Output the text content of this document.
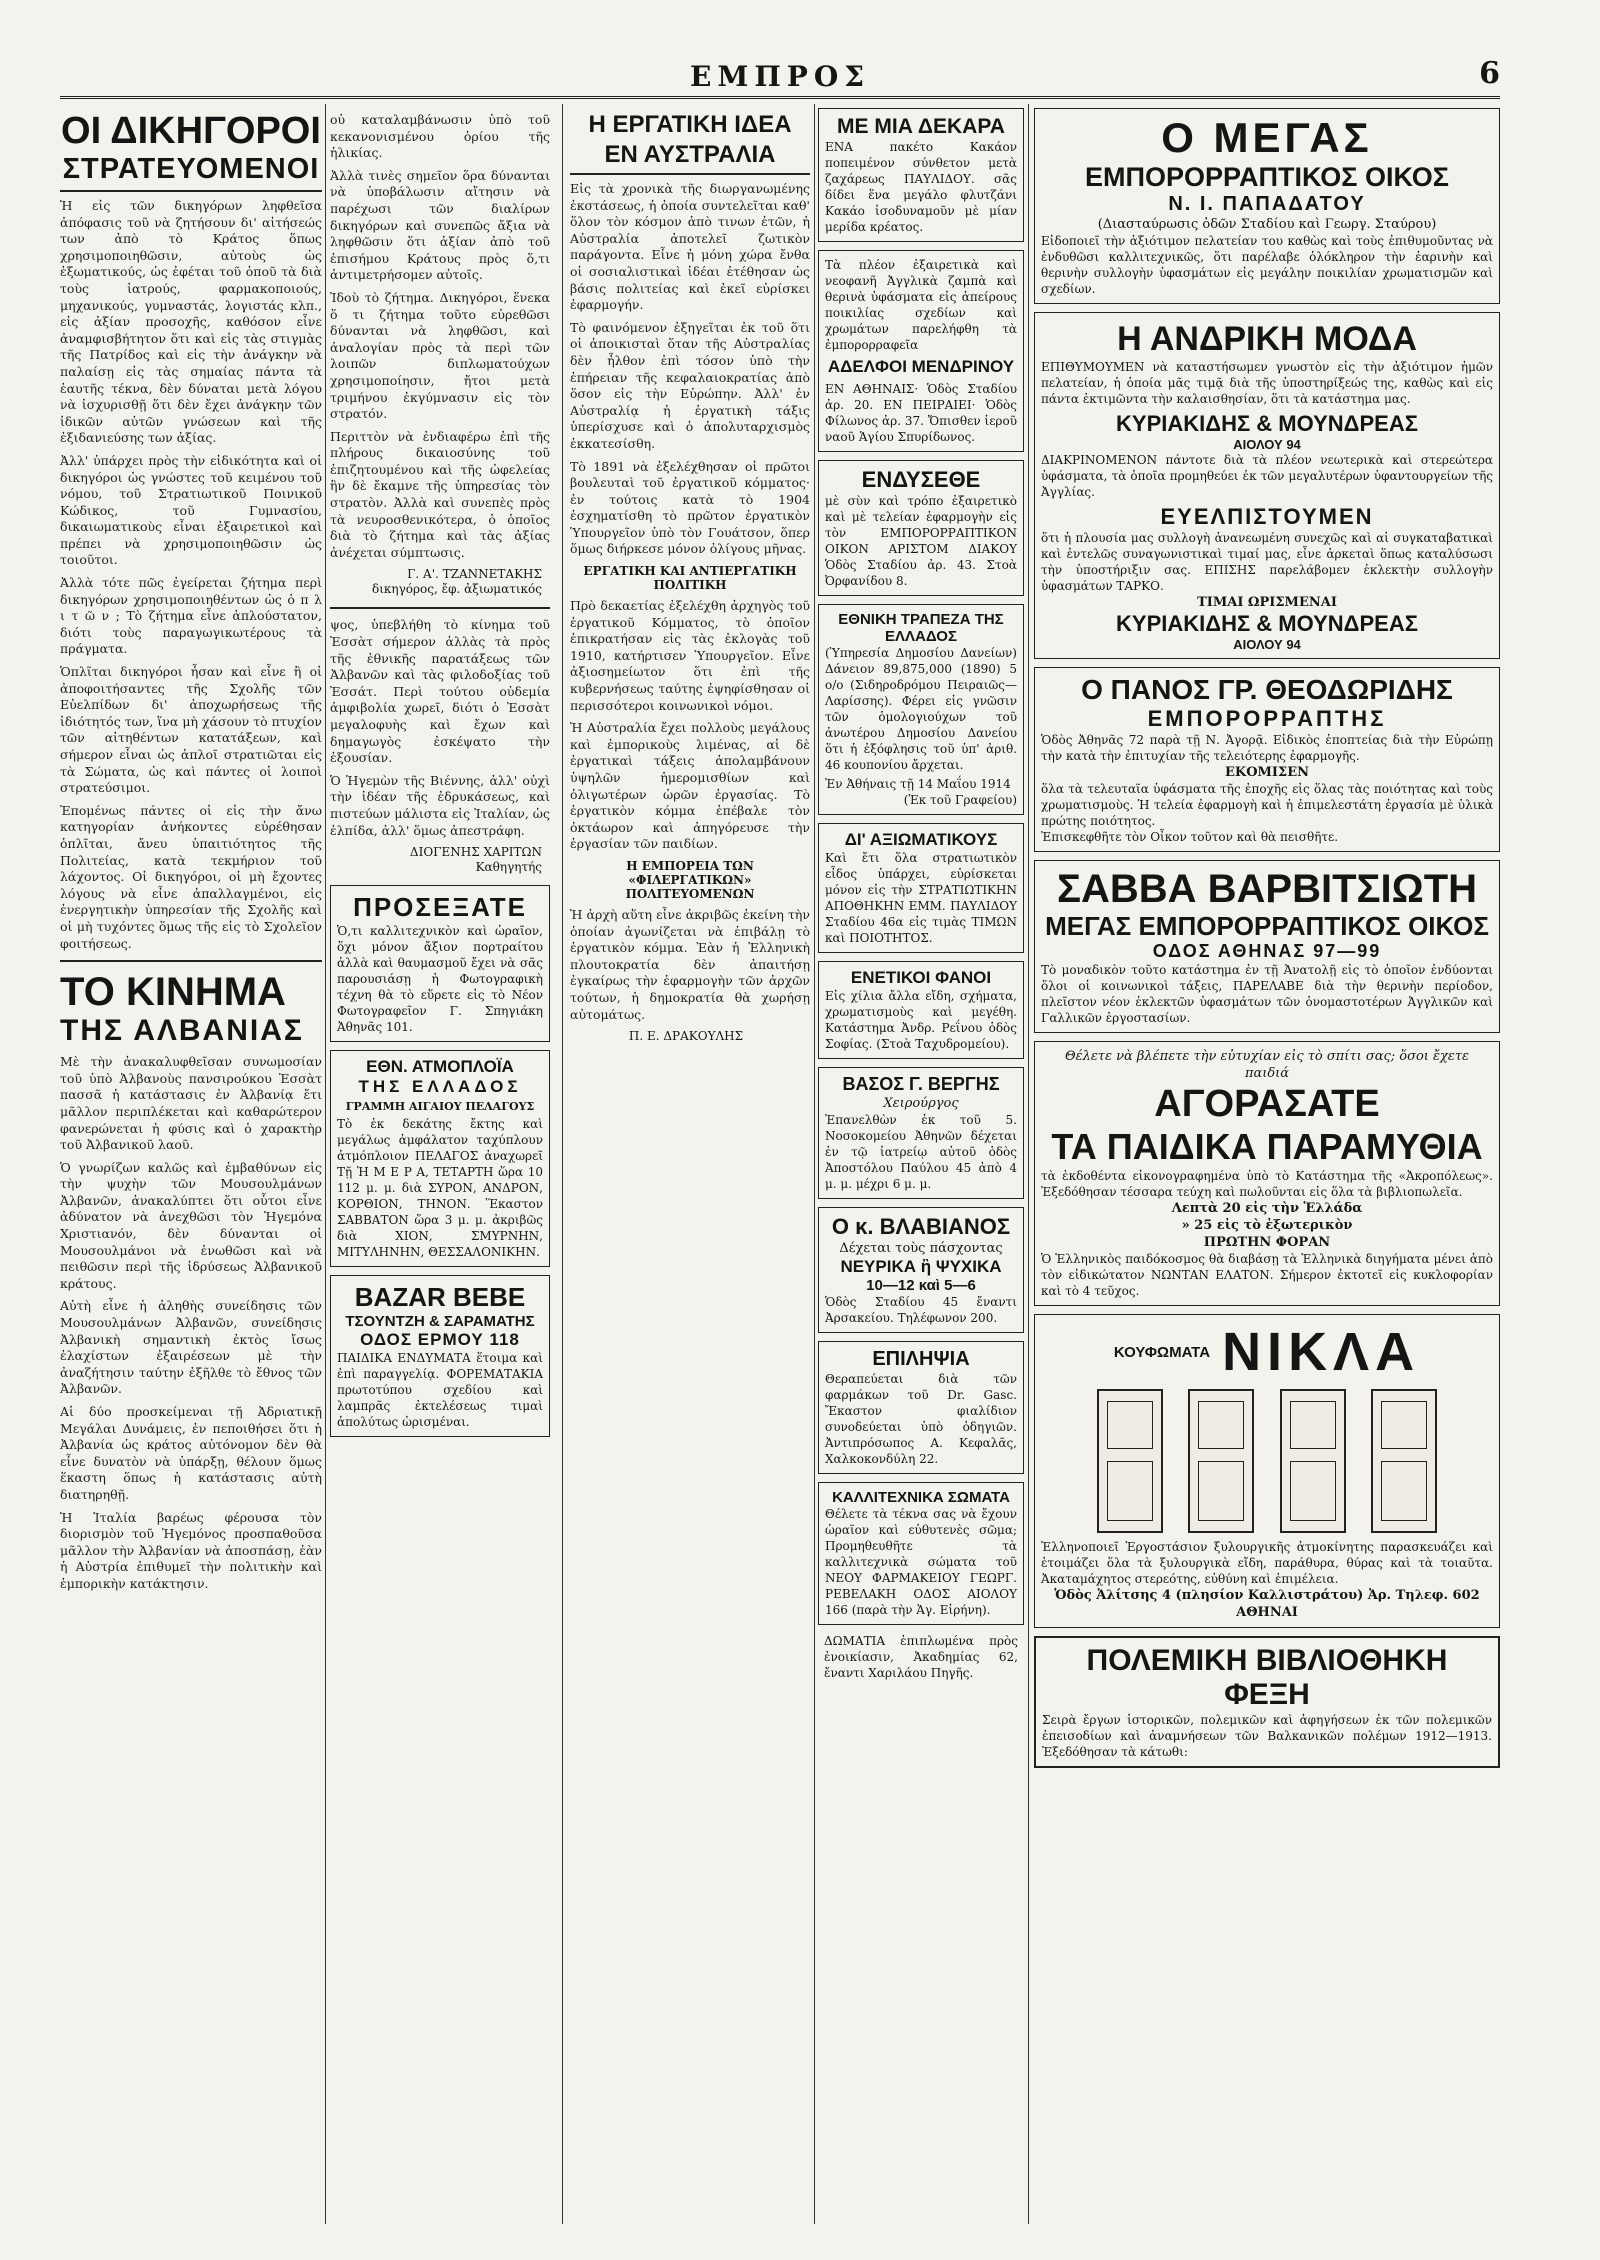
ΕΜΠΡΟΣ	6
ΟΙ ΔΙΚΗΓΟΡΟΙ
ΣΤΡΑΤΕΥΟΜΕΝΟΙ

Ἡ εἰς τῶν δικηγόρων ληφθεῖσα ἀπόφασις τοῦ νὰ ζητήσουν δι' αἰτήσεώς των ἀπὸ τὸ Κράτος ὅπως χρησιμοποιηθῶσιν, αὐτοὺς ὡς ἐξωματικούς, ὡς ἐφέται τοῦ ὁποῦ τὰ διὰ τοὺς ἰατρούς, φαρμακοποιούς, μηχανικούς, γυμναστάς, λογιστάς κλπ., εἰς ἀξίαν προσοχῆς, καθόσον εἶνε ἀναμφισβήτητον ὅτι καὶ εἰς τὰς στιγμὰς τῆς Πατρίδος καὶ εἰς τὴν ἀνάγκην νὰ παλαίσῃ εἰς τὰς σημαίας πάντα τὰ ἑαυτῆς τέκνα, δὲν δύναται μετὰ λόγου νὰ ἰσχυρισθῇ ὅτι δὲν ἔχει ἀνάγκην τῶν ἰδικῶν αὐτῶν γνώσεων καὶ τῆς ἐξιδανιεύσης των ἀξίας.

Ἀλλ' ὑπάρχει πρὸς τὴν εἰδικότητα καὶ οἱ δικηγόροι ὡς γνώστες τοῦ κειμένου τοῦ νόμου, τοῦ Στρατιωτικοῦ Ποινικοῦ Κώδικος, τοῦ Γυμνασίου, δικαιωματικοὺς εἶναι ἐξαιρετικοὶ καὶ πρέπει νὰ χρησιμοποιηθῶσιν ὡς τοιοῦτοι.

Ἀλλὰ τότε πῶς ἐγείρεται ζήτημα περὶ δικηγόρων χρησιμοποιηθέντων ὡς ὁ π λ ι τ ῶ ν ; Τὸ ζήτημα εἶνε ἁπλούστατον, διότι τοὺς παραγωγικωτέρους τὰ πράγματα.

Ὁπλῖται δικηγόροι ἦσαν καὶ εἶνε ἢ οἱ ἀποφοιτήσαντες τῆς Σχολῆς τῶν Εὐελπίδων δι' ἀποχωρήσεως τῆς ἰδιότητός των, ἵνα μὴ χάσουν τὸ πτυχίον τῶν αἰτηθέντων κατατάξεων, καὶ σήμερον εἶναι ὡς ἁπλοῖ στρατιῶται εἰς τὰ Σώματα, ὡς καὶ πάντες οἱ λοιποὶ στρατεύσιμοι.

Ἐπομένως πάντες οἱ εἰς τὴν ἄνω κατηγορίαν ἀνήκοντες εὑρέθησαν ὁπλῖται, ἄνευ ὑπαιτιότητος τῆς Πολιτείας, κατὰ τεκμήριον τοῦ λάχοντος. Οἱ δικηγόροι, οἱ μὴ ἔχοντες λόγους νὰ εἶνε ἀπαλλαγμένοι, εἰς ἐνεργητικὴν ὑπηρεσίαν τῆς Σχολῆς καὶ οἱ μὴ τυχόντες ὅμως τῆς εἰς τὸ Σχολεῖον φοιτήσεως.

ΤΟ ΚΙΝΗΜΑ
ΤΗΣ ΑΛΒΑΝΙΑΣ

Μὲ τὴν ἀνακαλυφθεῖσαν συνωμοσίαν τοῦ ὑπὸ Ἀλβανοὺς πανσιρούκου Ἐσσὰτ πασσᾶ ἡ κατάστασις ἐν Ἀλβανίᾳ ἔτι μᾶλλον περιπλέκεται καὶ καθαρώτερον φανερώνεται ἡ φύσις καὶ ὁ χαρακτὴρ τοῦ Ἀλβανικοῦ λαοῦ.

Ὁ γνωρίζων καλῶς καὶ ἐμβαθύνων εἰς τὴν ψυχὴν τῶν Μουσουλμάνων Ἀλβανῶν, ἀνακαλύπτει ὅτι οὗτοι εἶνε ἀδύνατον νὰ ἀνεχθῶσι τὸν Ἡγεμόνα Χριστιανόν, δὲν δύνανται οἱ Μουσουλμάνοι νὰ ἐνωθῶσι καὶ νὰ πειθῶσιν περὶ τῆς ἱδρύσεως Ἀλβανικοῦ κράτους.

Αὐτὴ εἶνε ἡ ἀληθὴς συνείδησις τῶν Μουσουλμάνων Ἀλβανῶν, συνείδησις Ἀλβανικὴ σημαντικὴ ἐκτὸς ἴσως ἐλαχίστων ἐξαιρέσεων μὲ τὴν ἀναζήτησιν ταύτην ἐξῆλθε τὸ ἔθνος τῶν Ἀλβανῶν.

Αἱ δύο προσκείμεναι τῇ Ἀδριατικῇ Μεγάλαι Δυνάμεις, ἐν πεποιθήσει ὅτι ἡ Ἀλβανία ὡς κράτος αὐτόνομον δὲν θὰ εἶνε δυνατὸν νὰ ὑπάρξῃ, θέλουν ὅμως ἕκαστη ὅπως ἡ κατάστασις αὐτὴ διατηρηθῇ.

Ἡ Ἰταλία βαρέως φέρουσα τὸν διορισμὸν τοῦ Ἡγεμόνος προσπαθοῦσα μᾶλλον τὴν Ἀλβανίαν νὰ ἀποσπάσῃ, ἐὰν ἡ Αὐστρία ἐπιθυμεῖ τὴν πολιτικὴν καὶ ἐμπορικὴν κατάκτησιν.

οὐ καταλαμβάνωσιν ὑπὸ τοῦ κεκανονισμένου ὁρίου τῆς ἡλικίας.

Ἀλλὰ τινὲς σημεῖον ὅρα δύνανται νὰ ὑποβάλωσιν αἴτησιν νὰ παρέχωσι τῶν διαλίρων δικηγόρων καὶ συνεπῶς ἄξια νὰ ληφθῶσιν ὅτι ἀξίαν ἀπὸ τοῦ ἐπισήμου Κράτους πρὸς ὅ,τι ἀντιμετρήσομεν αὐτοῖς.

Ἰδοὺ τὸ ζήτημα. Δικηγόροι, ἕνεκα ὅ τι ζήτημα τοῦτο εὑρεθῶσι δύνανται νὰ ληφθῶσι, καὶ ἀναλογίαν πρὸς τὰ περὶ τῶν λοιπῶν διπλωματούχων χρησιμοποίησιν, ἤτοι μετὰ τριμήνου ἐκγύμνασιν εἰς τὸν στρατόν.

Περιττὸν νὰ ἐνδιαφέρω ἐπὶ τῆς πλήρους δικαιοσύνης τοῦ ἐπιζητουμένου καὶ τῆς ὠφελείας ἣν δὲ ἔκαμνε τῆς ὑπηρεσίας τὸν στρατὸν. Ἀλλὰ καὶ συνεπὲς πρὸς τὰ νευροσθενικότερα, ὁ ὁποῖος διὰ τὸ ζήτημα καὶ τὰς ἀξίας ἀνέχεται σύμπτωσις.

Γ. Α'. ΤΖΑΝΝΕΤΑΚΗΣ
δικηγόρος, ἔφ. ἀξιωματικός

ψος, ὑπεβλήθη τὸ κίνημα τοῦ Ἐσσὰτ σήμερον ἀλλὰς τὰ πρὸς τῆς ἐθνικῆς παρατάξεως τῶν Ἀλβανῶν καὶ τὰς φιλοδοξίας τοῦ Ἐσσάτ. Περὶ τούτου οὐδεμία ἀμφιβολία χωρεῖ, διότι ὁ Ἐσσὰτ μεγαλοφυὴς καὶ ἔχων καὶ δημαγωγὸς ἐσκέψατο τὴν ἐξουσίαν.

Ὁ Ἡγεμὼν τῆς Βιέννης, ἀλλ' οὐχὶ τὴν ἰδέαν τῆς ἐδρυκάσεως, καὶ πιστεύων μάλιστα εἰς Ἰταλίαν, ὡς ἐλπίδα, ἀλλ' ὅμως ἀπεστράφη.

ΔΙΟΓΕΝΗΣ ΧΑΡΙΤΩΝ
Καθηγητής
ΠΡΟΣΕΞΑΤΕ
Ὁ,τι καλλιτεχνικὸν καὶ ὡραῖον, ὅχι μόνον ἄξιον πορτραίτου ἀλλὰ καὶ θαυμασμοῦ ἔχει νὰ σᾶς παρουσιάσῃ ἡ Φωτογραφικὴ τέχνη θὰ τὸ εὕρετε εἰς τὸ Νέον Φωτογραφεῖον Γ. Σπηγιάκη Ἀθηνᾶς 101.
ΕΘΝ. ΑΤΜΟΠΛΟΪΑ
ΤΗΣ ΕΛΛΑΔΟΣ
ΓΡΑΜΜΗ ΑΙΓΑΙΟΥ ΠΕΛΑΓΟΥΣ
Τὸ ἐκ δεκάτης ἔκτης καὶ μεγάλως ἀμφάλατον ταχύπλουν ἀτμόπλοιον ΠΕΛΑΓΟΣ ἀναχωρεῖ Τῇ Ἡ Μ Ε Ρ Α, ΤΕΤΑΡΤΗ ὥρα 10 112 μ. μ. διὰ ΣΥΡΟΝ, ΑΝΔΡΟΝ, ΚΟΡΘΙΟΝ, ΤΗΝΟΝ. Ἕκαστον ΣΑΒΒΑΤΟΝ ὥρα 3 μ. μ. ἀκριβῶς διὰ ΧΙΟΝ, ΣΜΥΡΝΗΝ, ΜΙΤΥΛΗΝΗΝ, ΘΕΣΣΑΛΟΝΙΚΗΝ.
BAZAR BEBE
ΤΣΟΥΝΤΖΗ & ΣΑΡΑΜΑΤΗΣ
ΟΔΟΣ ΕΡΜΟΥ 118
ΠΑΙΔΙΚΑ ΕΝΔΥΜΑΤΑ ἕτοιμα καὶ ἐπὶ παραγγελίᾳ. ΦΟΡΕΜΑΤΑΚΙΑ πρωτοτύπου σχεδίου καὶ λαμπρᾶς ἐκτελέσεως τιμαὶ ἀπολύτως ὡρισμέναι.
Η ΕΡΓΑΤΙΚΗ ΙΔΕΑ
ΕΝ ΑΥΣΤΡΑΛΙΑ

Εἰς τὰ χρονικὰ τῆς διωργανωμένης ἐκστάσεως, ἡ ὁποία συντελεῖται καθ' ὅλον τὸν κόσμον ἀπὸ τινων ἐτῶν, ἡ Αὐστραλία ἀποτελεῖ ζωτικὸν παράγοντα. Εἶνε ἡ μόνη χώρα ἔνθα οἱ σοσιαλιστικαὶ ἰδέαι ἐτέθησαν ὡς βάσις πολιτείας καὶ ἐκεῖ εὑρίσκει ἐφαρμογήν.

Τὸ φαινόμενον ἐξηγεῖται ἐκ τοῦ ὅτι οἱ ἀποικισταὶ ὅταν τῆς Αὐστραλίας δὲν ἦλθον ἐπὶ τόσον ὑπὸ τὴν ἐπήρειαν τῆς κεφαλαιοκρατίας ἀπὸ ὅσον εἰς τὴν Εὐρώπην. Ἀλλ' ἐν Αὐστραλίᾳ ἡ ἐργατικὴ τάξις ὑπερίσχυσε καὶ ὁ ἀπολυταρχισμὸς ἐκκατεσίσθη.

Τὸ 1891 νὰ ἐξελέχθησαν οἱ πρῶτοι βουλευταὶ τοῦ ἐργατικοῦ κόμματος· ἐν τούτοις κατὰ τὸ 1904 ἐσχηματίσθη τὸ πρῶτον ἐργατικὸν Ὑπουργεῖον ὑπὸ τὸν Γουάτσον, ὅπερ ὅμως διήρκεσε μόνον ὀλίγους μῆνας.

ΕΡΓΑΤΙΚΗ ΚΑΙ ΑΝΤΙΕΡΓΑΤΙΚΗ ΠΟΛΙΤΙΚΗ

Πρὸ δεκαετίας ἐξελέχθη ἀρχηγὸς τοῦ ἐργατικοῦ Κόμματος, τὸ ὁποῖον ἐπικρατήσαν εἰς τὰς ἐκλογὰς τοῦ 1910, κατήρτισεν Ὑπουργεῖον. Εἶνε ἀξιοσημείωτον ὅτι ἐπὶ τῆς κυβερνήσεως ταύτης ἐψηφίσθησαν οἱ περισσότεροι κοινωνικοὶ νόμοι.

Ἡ Αὐστραλία ἔχει πολλοὺς μεγάλους καὶ ἐμπορικοὺς λιμένας, αἱ δὲ ἐργατικαὶ τάξεις ἀπολαμβάνουν ὑψηλῶν ἡμερομισθίων καὶ ὀλιγωτέρων ὡρῶν ἐργασίας. Τὸ ἐργατικὸν κόμμα ἐπέβαλε τὸν ὀκτάωρον καὶ ἀπηγόρευσε τὴν ἐργασίαν τῶν παιδίων.

Η ΕΜΠΟΡΕΙΑ ΤΩΝ «ΦΙΛΕΡΓΑΤΙΚΩΝ» ΠΟΛΙΤΕΥΟΜΕΝΩΝ

Ἡ ἀρχὴ αὕτη εἶνε ἀκριβῶς ἐκείνη τὴν ὁποίαν ἀγωνίζεται νὰ ἐπιβάλῃ τὸ ἐργατικὸν κόμμα. Ἐὰν ἡ Ἑλληνικὴ πλουτοκρατία δὲν ἀπαιτήσῃ ἐγκαίρως τὴν ἐφαρμογὴν τῶν ἀρχῶν τούτων, ἡ δημοκρατία θὰ χωρήσῃ αὐτομάτως.

Π. Ε. ΔΡΑΚΟΥΛΗΣ
ΜΕ ΜΙΑ ΔΕΚΑΡΑ
ΕΝΑ πακέτο Κακάον ποπειμένον σύνθετον μετὰ ζαχάρεως ΠΑΥΛΙΔΟΥ. σᾶς δίδει ἕνα μεγάλο φλυτζάνι Κακάο ἰσοδυναμοῦν μὲ μίαν μερίδα κρέατος.
Τὰ πλέον ἐξαιρετικὰ καὶ νεοφανῆ Ἀγγλικὰ ζαμπὰ καὶ θερινὰ ὑφάσματα εἰς ἀπείρους ποικιλίας σχεδίων καὶ χρωμάτων παρελήφθη τὰ ἐμπορορραφεῖα
ΑΔΕΛΦΟΙ ΜΕΝΔΡΙΝΟΥ
ΕΝ ΑΘΗΝΑΙΣ· Ὁδὸς Σταδίου ἀρ. 20. ΕΝ ΠΕΙΡΑΙΕΙ· Ὁδὸς Φίλωνος ἀρ. 37. Ὄπισθεν ἱεροῦ ναοῦ Ἁγίου Σπυρίδωνος.
ΕΝΔΥΣΕΘΕ
μὲ σὺν καὶ τρόπο ἐξαιρετικὸ καὶ μὲ τελείαν ἐφαρμογὴν εἰς τὸν ΕΜΠΟΡΟΡΡΑΠΤΙΚΟΝ ΟΙΚΟΝ ΑΡΙΣΤΟΜ ΔΙΑΚΟΥ Ὁδὸς Σταδίου ἀρ. 43. Στοὰ Ὀρφανίδου 8.
ΕΘΝΙΚΗ ΤΡΑΠΕΖΑ ΤΗΣ ΕΛΛΑΔΟΣ
(Ὑπηρεσία Δημοσίου Δανείων) Δάνειον 89,875,000 (1890) 5 ο/ο (Σιδηροδρόμου Πειραιῶς—Λαρίσσης). Φέρει εἰς γνῶσιν τῶν ὁμολογιούχων τοῦ ἀνωτέρου Δημοσίου Δανείου ὅτι ἡ ἐξόφλησις τοῦ ὑπ' ἀριθ. 46 κουπονίου ἄρχεται.
Ἐν Ἀθήναις τῇ 14 Μαΐου 1914
(Ἐκ τοῦ Γραφείου)
ΔΙ' ΑΞΙΩΜΑΤΙΚΟΥΣ
Καὶ ἔτι ὅλα στρατιωτικὸν εἶδος ὑπάρχει, εὑρίσκεται μόνον εἰς τὴν ΣΤΡΑΤΙΩΤΙΚΗΝ ΑΠΟΘΗΚΗΝ ΕΜΜ. ΠΑΥΛΙΔΟΥ Σταδίου 46α εἰς τιμὰς ΤΙΜΩΝ καὶ ΠΟΙΟΤΗΤΟΣ.
ΕΝΕΤΙΚΟΙ ΦΑΝΟΙ
Εἰς χίλια ἄλλα εἴδη, σχήματα, χρωματισμοὺς καὶ μεγέθη. Κατάστημα Ἀνδρ. Ρεΐνου ὁδὸς Σοφίας. (Στοὰ Ταχυδρομείου).
ΒΑΣΟΣ Γ. ΒΕΡΓΗΣ
Χειρούργος
Ἐπανελθὼν ἐκ τοῦ 5. Νοσοκομείου Ἀθηνῶν δέχεται ἐν τῷ ἰατρείῳ αὐτοῦ ὁδὸς Ἀποστόλου Παύλου 45 ἀπὸ 4 μ. μ. μέχρι 6 μ. μ.
Ο κ. ΒΛΑΒΙΑΝΟΣ
Δέχεται τοὺς πάσχοντας
ΝΕΥΡΙΚΑ ἢ ΨΥΧΙΚΑ
10—12 καὶ 5—6
Ὁδὸς Σταδίου 45 ἔναντι Ἀρσακείου. Τηλέφωνον 200.
ΕΠΙΛΗΨΙΑ
Θεραπεύεται διὰ τῶν φαρμάκων τοῦ Dr. Gasc. Ἔκαστον φιαλίδιον συνοδεύεται ὑπὸ ὁδηγιῶν. Ἀντιπρόσωπος Α. Κεφαλᾶς, Χαλκοκονδύλη 22.
ΚΑΛΛΙΤΕΧΝΙΚΑ ΣΩΜΑΤΑ
Θέλετε τὰ τέκνα σας νὰ ἔχουν ὡραῖον καὶ εὐθυτενὲς σῶμα; Προμηθευθῆτε τὰ καλλιτεχνικὰ σώματα τοῦ ΝΕΟΥ ΦΑΡΜΑΚΕΙΟΥ ΓΕΩΡΓ. ΡΕΒΕΛΑΚΗ ΟΔΟΣ ΑΙΟΛΟΥ 166 (παρὰ τὴν Ἁγ. Εἰρήνη).
ΔΩΜΑΤΙΑ ἐπιπλωμένα πρὸς ἐνοικίασιν, Ἀκαδημίας 62, ἔναντι Χαριλάου Πηγῆς.
Ο ΜΕΓΑΣ
ΕΜΠΟΡΟΡΡΑΠΤΙΚΟΣ ΟΙΚΟΣ
Ν. Ι. ΠΑΠΑΔΑΤΟΥ
(Διασταύρωσις ὁδῶν Σταδίου καὶ Γεωργ. Σταύρου)
Εἰδοποιεῖ τὴν ἀξιότιμον πελατείαν του καθὼς καὶ τοὺς ἐπιθυμοῦντας νὰ ἐνδυθῶσι καλλιτεχνικῶς, ὅτι παρέλαβε ὁλόκληρον τὴν ἐαρινὴν καὶ θερινὴν συλλογὴν ὑφασμάτων εἰς μεγάλην ποικιλίαν χρωματισμῶν καὶ σχεδίων.
Η ΑΝΔΡΙΚΗ ΜΟΔΑ
ΕΠΙΘΥΜΟΥΜΕΝ νὰ καταστήσωμεν γνωστὸν εἰς τὴν ἀξιότιμον ἡμῶν πελατείαν, ἡ ὁποία μᾶς τιμᾷ διὰ τῆς ὑποστηρίξεώς της, καθὼς καὶ εἰς πάντα ἐκτιμῶντα τὴν καλαισθησίαν, ὅτι τὰ κατάστημα μας.
ΚΥΡΙΑΚΙΔΗΣ & ΜΟΥΝΔΡΕΑΣ
ΑΙΟΛΟΥ 94
ΔΙΑΚΡΙΝΟΜΕΝΟΝ πάντοτε διὰ τὰ πλέον νεωτερικὰ καὶ στερεώτερα ὑφάσματα, τὰ ὁποῖα προμηθεύει ἐκ τῶν μεγαλυτέρων ὑφαντουργείων τῆς Ἀγγλίας.
ΕΥΕΛΠΙΣΤΟΥΜΕΝ
ὅτι ἡ πλουσία μας συλλογὴ ἀνανεωμένη συνεχῶς καὶ αἱ συγκαταβατικαὶ καὶ ἐντελῶς συναγωνιστικαὶ τιμαί μας, εἶνε ἀρκεταὶ ὅπως καταλύσωσι τὴν ὑποστήριξιν σας. ΕΠΙΣΗΣ παρελάβομεν ἐκλεκτὴν συλλογὴν ὑφασμάτων ΤΑΡΚΟ.
ΤΙΜΑΙ ΩΡΙΣΜΕΝΑΙ
ΚΥΡΙΑΚΙΔΗΣ & ΜΟΥΝΔΡΕΑΣ
ΑΙΟΛΟΥ 94
Ο ΠΑΝΟΣ ΓΡ. ΘΕΟΔΩΡΙΔΗΣ
ΕΜΠΟΡΟΡΡΑΠΤΗΣ
Ὁδὸς Ἀθηνᾶς 72 παρὰ τῇ Ν. Ἀγορᾷ. Εἰδικὸς ἐποπτείας διὰ τὴν Εὐρώπῃ τὴν κατὰ τὴν ἐπιτυχίαν τῆς τελειότερης ἐφαρμογῆς.
ΕΚΟΜΙΣΕΝ
ὅλα τὰ τελευταῖα ὑφάσματα τῆς ἐποχῆς εἰς ὅλας τὰς ποιότητας καὶ τοὺς χρωματισμοὺς. Ἡ τελεία ἐφαρμογὴ καὶ ἡ ἐπιμελεστάτη ἐργασία μὲ ὑλικὰ πρώτης ποιότητος.
Ἐπισκεφθῆτε τὸν Οἶκον τοῦτον καὶ θὰ πεισθῆτε.
ΣΑΒΒΑ ΒΑΡΒΙΤΣΙΩΤΗ
ΜΕΓΑΣ ΕΜΠΟΡΟΡΡΑΠΤΙΚΟΣ ΟΙΚΟΣ
ΟΔΟΣ ΑΘΗΝΑΣ 97—99
Τὸ μοναδικὸν τοῦτο κατάστημα ἐν τῇ Ἀνατολῇ εἰς τὸ ὁποῖον ἐνδύονται ὅλοι οἱ κοινωνικοὶ τάξεις, ΠΑΡΕΛΑΒΕ διὰ τὴν θερινὴν περίοδον, πλεῖστον νέον ἐκλεκτῶν ὑφασμάτων τῶν ὀνομαστοτέρων Ἀγγλικῶν καὶ Γαλλικῶν ἐργοστασίων.
Θέλετε νὰ βλέπετε τὴν εὐτυχίαν εἰς τὸ σπίτι σας; ὅσοι ἔχετε παιδιά
ΑΓΟΡΑΣΑΤΕ
ΤΑ ΠΑΙΔΙΚΑ ΠΑΡΑΜΥΘΙΑ
τὰ ἐκδοθέντα εἰκονογραφημένα ὑπὸ τὸ Κατάστημα τῆς «Ἀκροπόλεως». Ἐξεδόθησαν τέσσαρα τεύχη καὶ πωλοῦνται εἰς ὅλα τὰ βιβλιοπωλεῖα.
Λεπτὰ 20 εἰς τὴν Ἑλλάδα
» 25 εἰς τὸ ἐξωτερικὸν
ΠΡΩΤΗΝ ΦΟΡΑΝ
Ὁ Ἑλληνικὸς παιδόκοσμος θὰ διαβάσῃ τὰ Ἑλληνικὰ διηγήματα μένει ἀπὸ τὸν εἰδικώτατον ΝΩΝΤΑΝ ΕΛΑΤΟΝ. Σήμερον ἐκτοτεῖ εἰς κυκλοφορίαν καὶ τὸ 4 τεῦχος.
ΚΟΥΦΩΜΑΤΑ ΝΙΚΛΑ

Ἐλληνοποιεῖ Ἐργοστάσιον ξυλουργικῆς ἀτμοκίνητης παρασκευάζει καὶ ἑτοιμάζει ὅλα τὰ ξυλουργικὰ εἴδη, παράθυρα, θύρας καὶ τὰ τοιαῦτα. Ἀκαταμάχητος στερεότης, εὐθύνη καὶ ἐπιμέλεια.
Ὁδὸς Ἀλίτσης 4 (πλησίον Καλλιστράτου) Ἀρ. Τηλεφ. 602 ΑΘΗΝΑΙ
ΠΟΛΕΜΙΚΗ ΒΙΒΛΙΟΘΗΚΗ ΦΕΞΗ
Σειρὰ ἔργων ἱστορικῶν, πολεμικῶν καὶ ἀφηγήσεων ἐκ τῶν πολεμικῶν ἐπεισοδίων καὶ ἀναμνήσεων τῶν Βαλκανικῶν πολέμων 1912—1913. Ἐξεδόθησαν τὰ κάτωθι:
